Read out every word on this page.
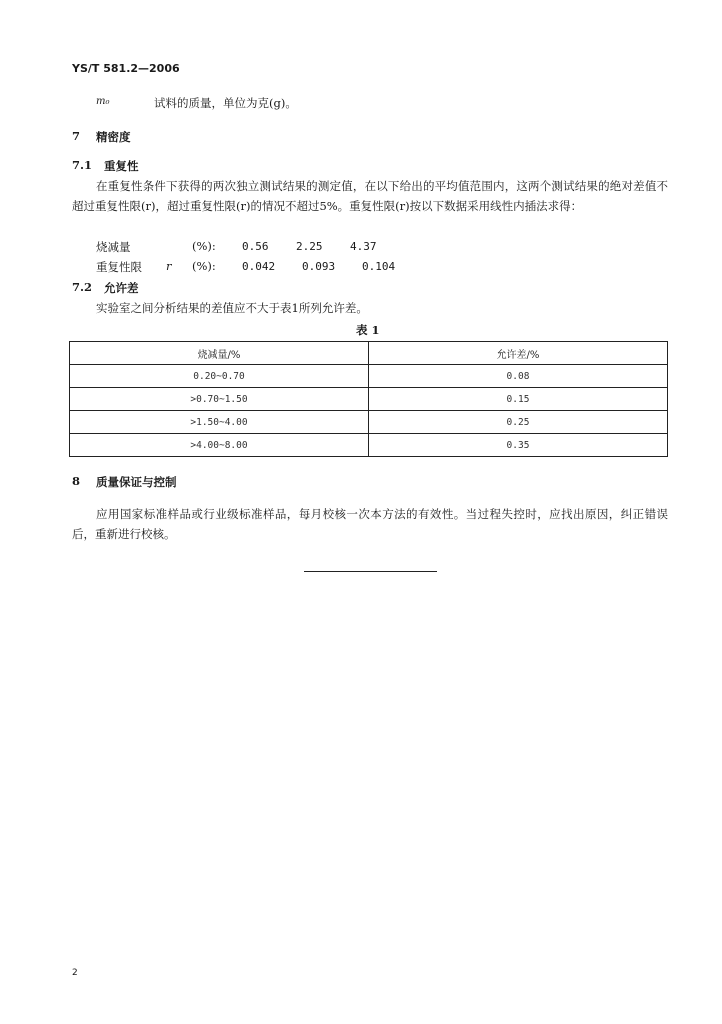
YS/T 581.2—2006
m₀	试料的质量，单位为克(g)。
7 精密度
7.1 重复性
在重复性条件下获得的两次独立测试结果的测定值，在以下给出的平均值范围内，这两个测试结果的绝对差值不超过重复性限(r)，超过重复性限(r)的情况不超过5%。重复性限(r)按以下数据采用线性内插法求得：
烧减量	(%): 0.56	2.25	4.37
重复性限 r (%): 0.042 0.093 0.104
7.2 允许差
实验室之间分析结果的差值应不大于表1所列允许差。
表 1
烧减量/%	允许差/%
0.20~0.70	0.08
>0.70~1.50	0.15
>1.50~4.00	0.25
>4.00~8.00	0.35
8 质量保证与控制
应用国家标准样品或行业级标准样品，每月校核一次本方法的有效性。当过程失控时，应找出原因，纠正错误后，重新进行校核。
2
